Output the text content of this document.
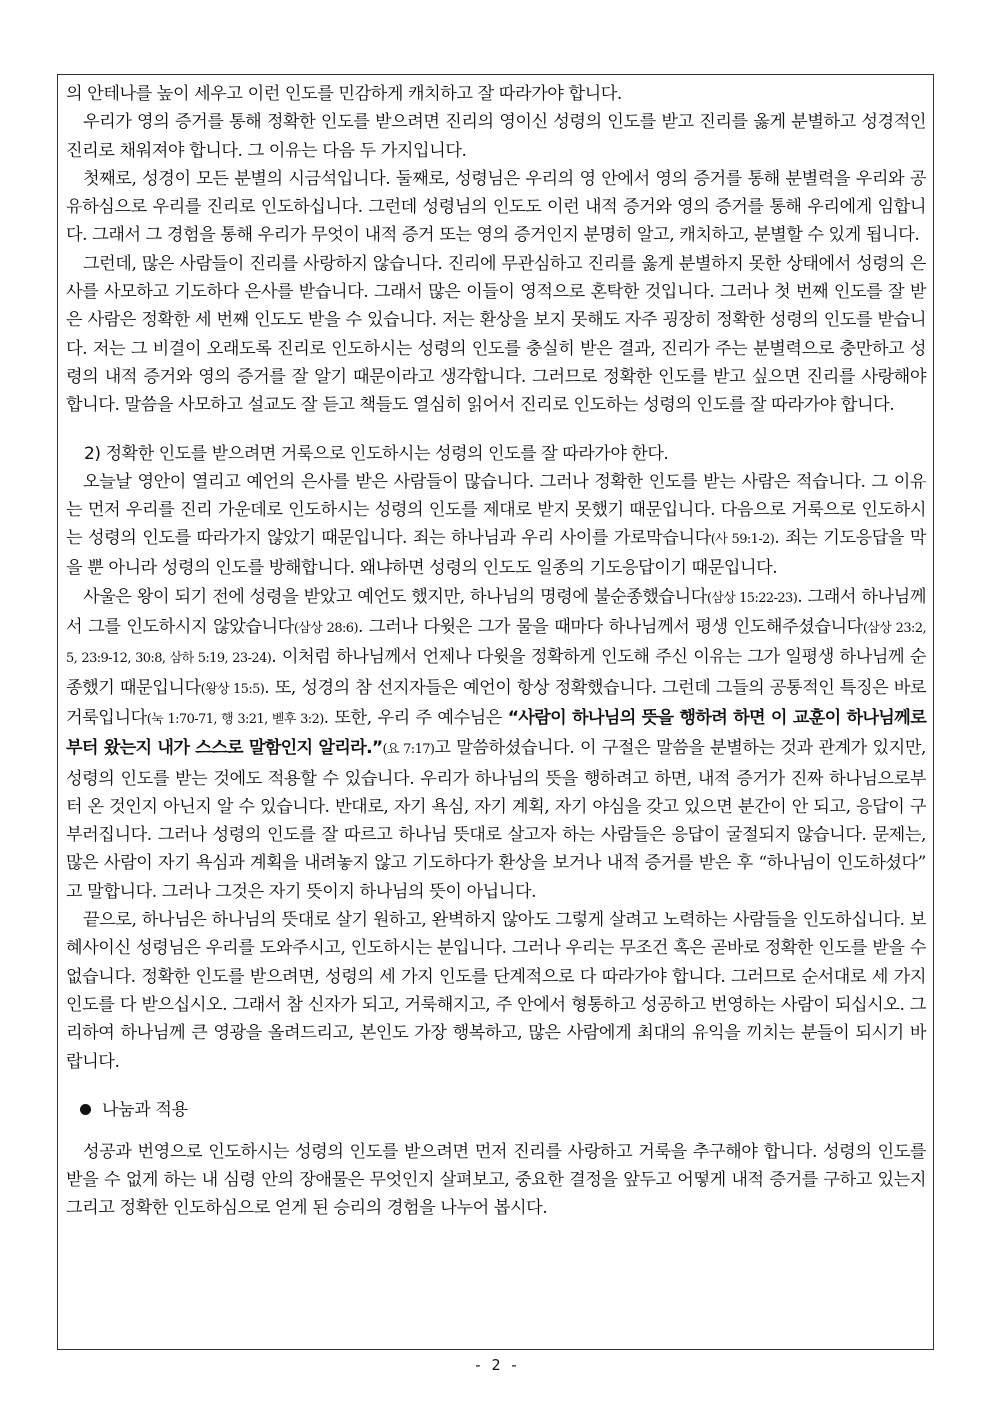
의 안테나를 높이 세우고 이런 인도를 민감하게 캐치하고 잘 따라가야 합니다.

우리가 영의 증거를 통해 정확한 인도를 받으려면 진리의 영이신 성령의 인도를 받고 진리를 옳게 분별하고 성경적인 진리로 채워져야 합니다. 그 이유는 다음 두 가지입니다.

첫째로, 성경이 모든 분별의 시금석입니다. 둘째로, 성령님은 우리의 영 안에서 영의 증거를 통해 분별력을 우리와 공유하심으로 우리를 진리로 인도하십니다. 그런데 성령님의 인도도 이런 내적 증거와 영의 증거를 통해 우리에게 임합니다. 그래서 그 경험을 통해 우리가 무엇이 내적 증거 또는 영의 증거인지 분명히 알고, 캐치하고, 분별할 수 있게 됩니다.

그런데, 많은 사람들이 진리를 사랑하지 않습니다. 진리에 무관심하고 진리를 옳게 분별하지 못한 상태에서 성령의 은사를 사모하고 기도하다 은사를 받습니다. 그래서 많은 이들이 영적으로 혼탁한 것입니다. 그러나 첫 번째 인도를 잘 받은 사람은 정확한 세 번째 인도도 받을 수 있습니다. 저는 환상을 보지 못해도 자주 굉장히 정확한 성령의 인도를 받습니다. 저는 그 비결이 오래도록 진리로 인도하시는 성령의 인도를 충실히 받은 결과, 진리가 주는 분별력으로 충만하고 성령의 내적 증거와 영의 증거를 잘 알기 때문이라고 생각합니다. 그러므로 정확한 인도를 받고 싶으면 진리를 사랑해야 합니다. 말씀을 사모하고 설교도 잘 듣고 책들도 열심히 읽어서 진리로 인도하는 성령의 인도를 잘 따라가야 합니다.

2) 정확한 인도를 받으려면 거룩으로 인도하시는 성령의 인도를 잘 따라가야 한다.

오늘날 영안이 열리고 예언의 은사를 받은 사람들이 많습니다. 그러나 정확한 인도를 받는 사람은 적습니다. 그 이유는 먼저 우리를 진리 가운데로 인도하시는 성령의 인도를 제대로 받지 못했기 때문입니다. 다음으로 거룩으로 인도하시는 성령의 인도를 따라가지 않았기 때문입니다. 죄는 하나님과 우리 사이를 가로막습니다(사 59:1-2). 죄는 기도응답을 막을 뿐 아니라 성령의 인도를 방해합니다. 왜냐하면 성령의 인도도 일종의 기도응답이기 때문입니다.

사울은 왕이 되기 전에 성령을 받았고 예언도 했지만, 하나님의 명령에 불순종했습니다(삼상 15:22-23). 그래서 하나님께서 그를 인도하시지 않았습니다(삼상 28:6). 그러나 다윗은 그가 물을 때마다 하나님께서 평생 인도해주셨습니다(삼상 23:2, 5, 23:9-12, 30:8, 삼하 5:19, 23-24). 이처럼 하나님께서 언제나 다윗을 정확하게 인도해 주신 이유는 그가 일평생 하나님께 순종했기 때문입니다(왕상 15:5). 또, 성경의 참 선지자들은 예언이 항상 정확했습니다. 그런데 그들의 공통적인 특징은 바로 거룩입니다(눅 1:70-71, 행 3:21, 벧후 3:2). 또한, 우리 주 예수님은 “사람이 하나님의 뜻을 행하려 하면 이 교훈이 하나님께로부터 왔는지 내가 스스로 말함인지 알리라.”(요 7:17)고 말씀하셨습니다. 이 구절은 말씀을 분별하는 것과 관계가 있지만, 성령의 인도를 받는 것에도 적용할 수 있습니다. 우리가 하나님의 뜻을 행하려고 하면, 내적 증거가 진짜 하나님으로부터 온 것인지 아닌지 알 수 있습니다. 반대로, 자기 욕심, 자기 계획, 자기 야심을 갖고 있으면 분간이 안 되고, 응답이 구부러집니다. 그러나 성령의 인도를 잘 따르고 하나님 뜻대로 살고자 하는 사람들은 응답이 굴절되지 않습니다. 문제는, 많은 사람이 자기 욕심과 계획을 내려놓지 않고 기도하다가 환상을 보거나 내적 증거를 받은 후 “하나님이 인도하셨다” 고 말합니다. 그러나 그것은 자기 뜻이지 하나님의 뜻이 아닙니다.

끝으로, 하나님은 하나님의 뜻대로 살기 원하고, 완벽하지 않아도 그렇게 살려고 노력하는 사람들을 인도하십니다. 보혜사이신 성령님은 우리를 도와주시고, 인도하시는 분입니다. 그러나 우리는 무조건 혹은 곧바로 정확한 인도를 받을 수 없습니다. 정확한 인도를 받으려면, 성령의 세 가지 인도를 단계적으로 다 따라가야 합니다. 그러므로 순서대로 세 가지 인도를 다 받으십시오. 그래서 참 신자가 되고, 거룩해지고, 주 안에서 형통하고 성공하고 번영하는 사람이 되십시오. 그리하여 하나님께 큰 영광을 올려드리고, 본인도 가장 행복하고, 많은 사람에게 최대의 유익을 끼치는 분들이 되시기 바랍니다.

나눔과 적용

성공과 번영으로 인도하시는 성령의 인도를 받으려면 먼저 진리를 사랑하고 거룩을 추구해야 합니다. 성령의 인도를 받을 수 없게 하는 내 심령 안의 장애물은 무엇인지 살펴보고, 중요한 결정을 앞두고 어떻게 내적 증거를 구하고 있는지 그리고 정확한 인도하심으로 얻게 된 승리의 경험을 나누어 봅시다.

- 2 -
